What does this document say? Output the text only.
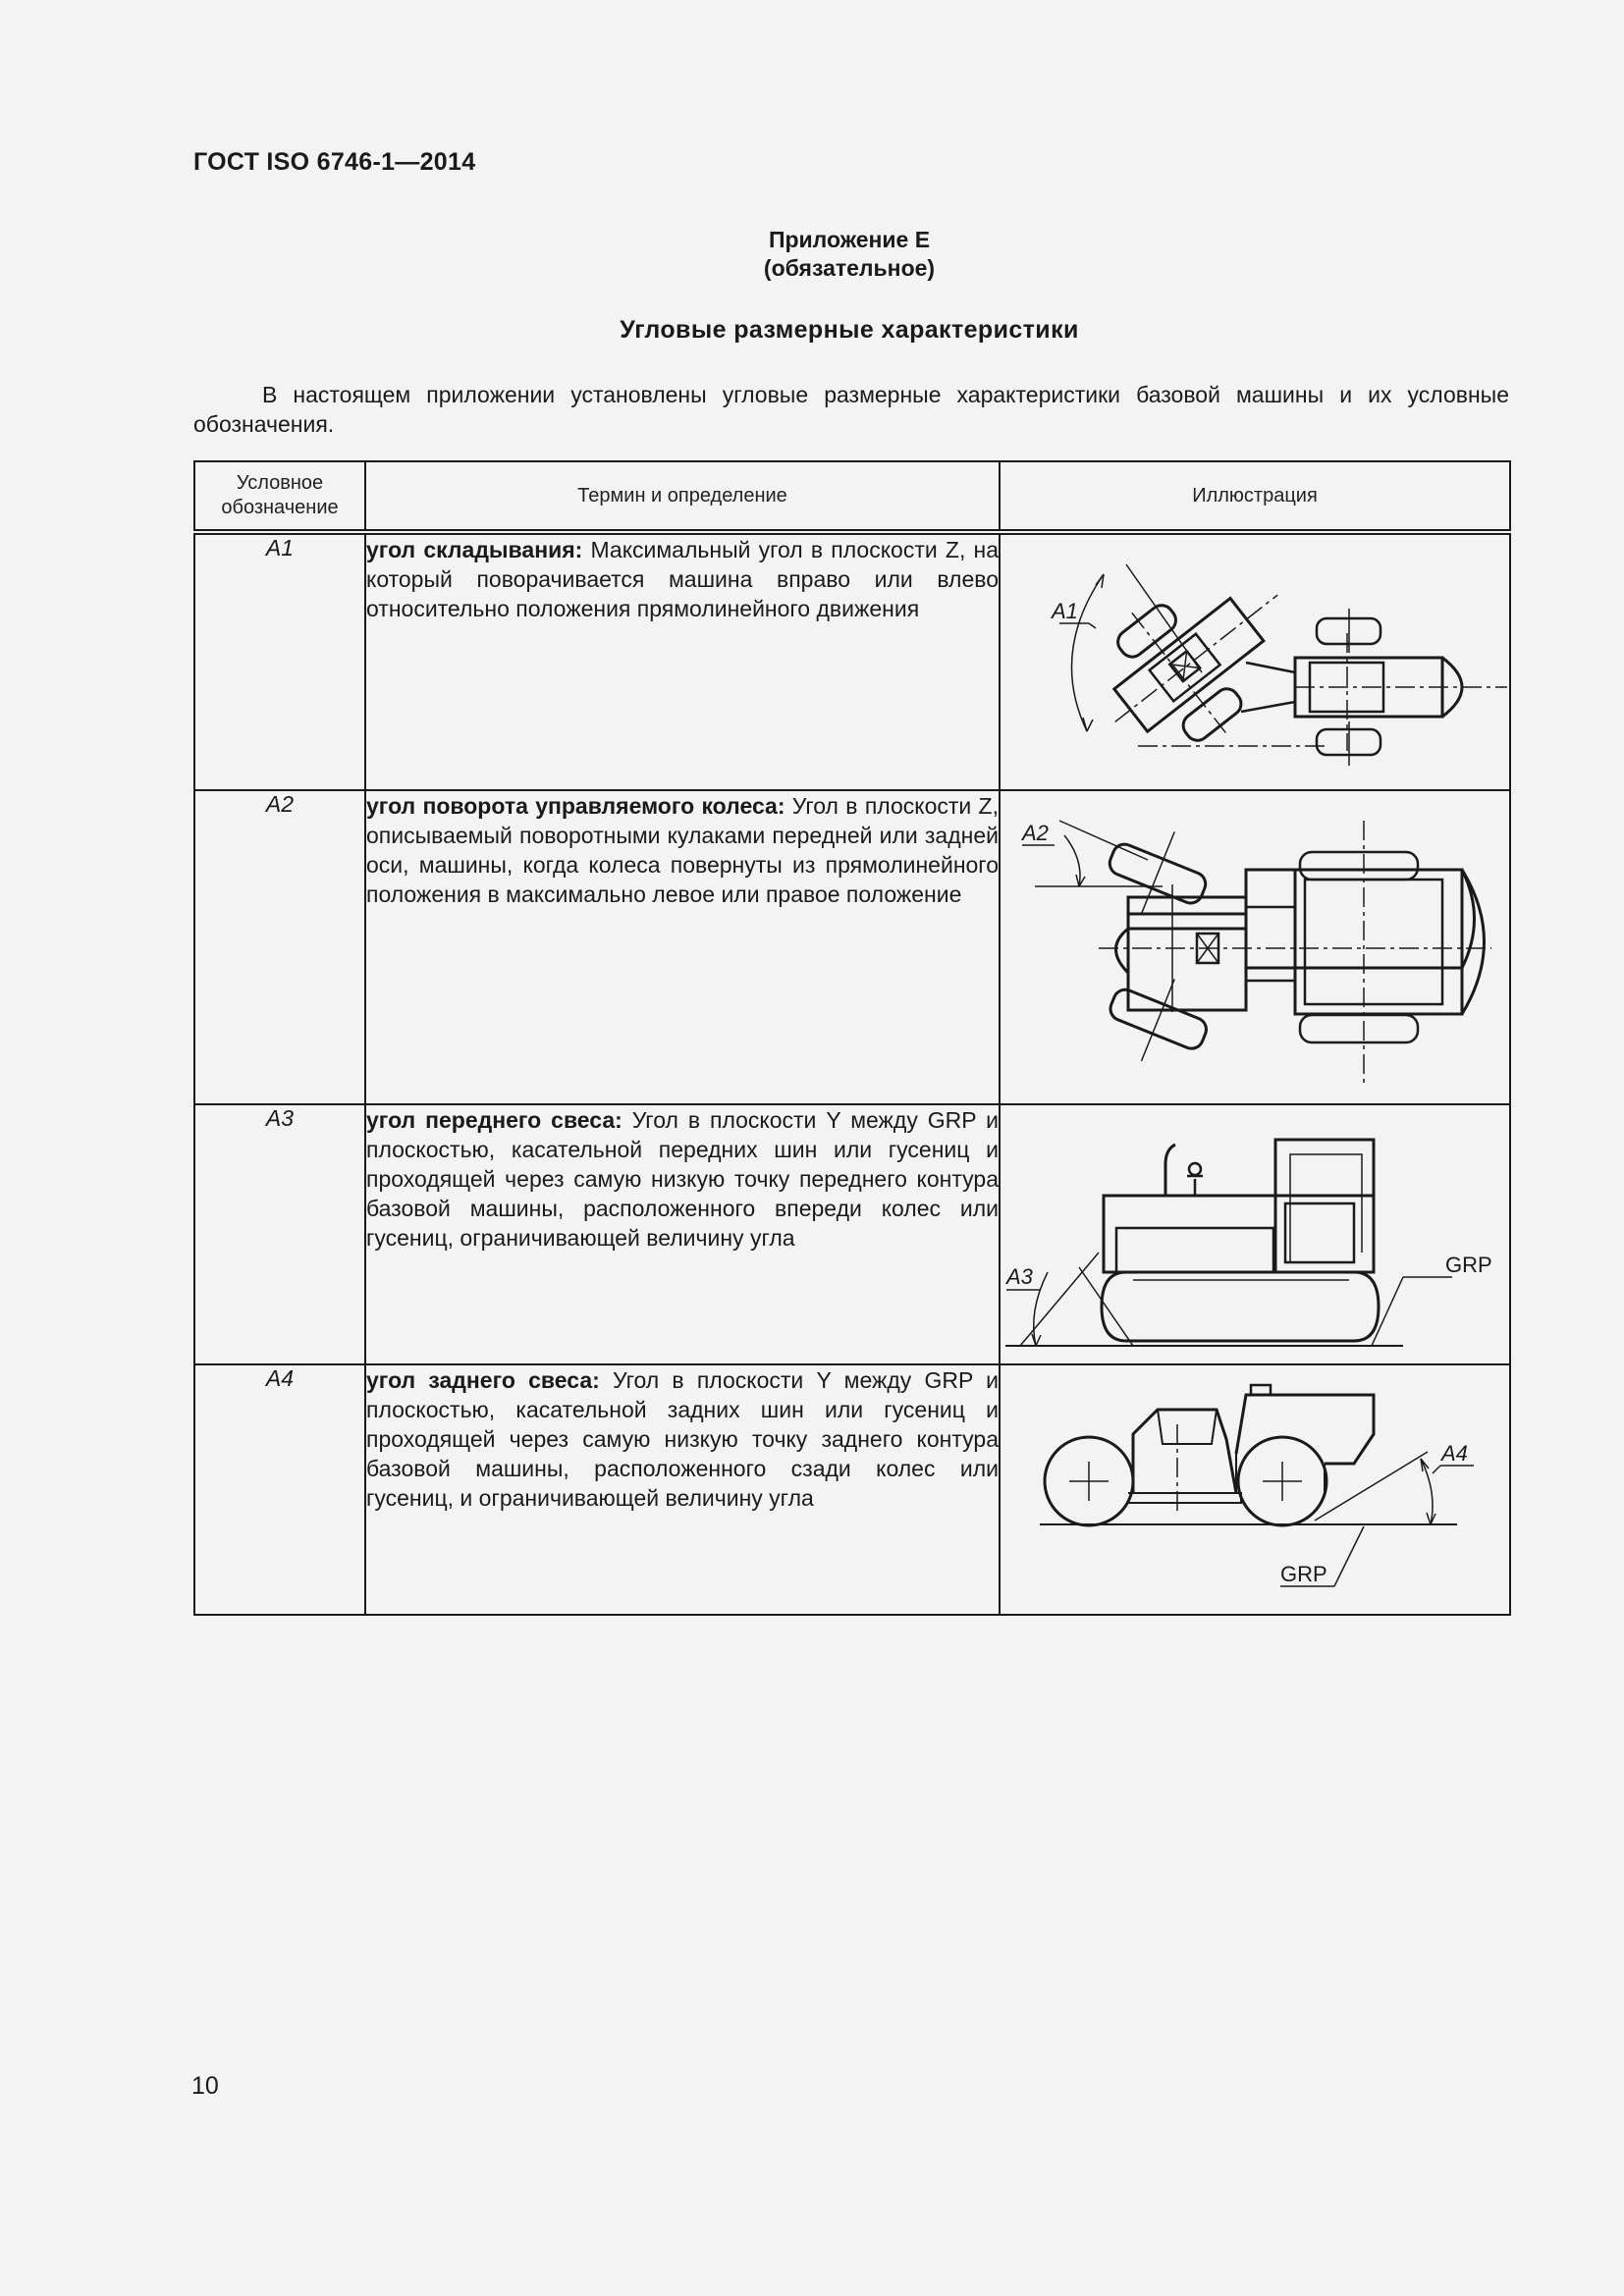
ГОСТ ISO 6746-1—2014
Приложение Е
(обязательное)
Угловые размерные характеристики
В настоящем приложении установлены угловые размерные характеристики базовой машины и их условные обозначения.
Условное обозначение	Термин и определение	Иллюстрация
A1	угол складывания: Максимальный угол в плоскости Z, на который поворачивается машина вправо или влево относительно положения прямолинейного движения	A1

A2	угол поворота управляемого колеса: Угол в плоскости Z, описываемый поворотными кулаками передней или задней оси, машины, когда колеса повернуты из прямолинейного положения в максимально левое или правое положение	A2

A3	угол переднего свеса: Угол в плоскости Y между GRP и плоскостью, касательной передних шин или гусениц и проходящей через самую низкую точку переднего контура базовой машины, расположенного впереди колес или гусениц, ограничивающей величину угла	A3 GRP

A4	угол заднего свеса: Угол в плоскости Y между GRP и плоскостью, касательной задних шин или гусениц и проходящей через самую низкую точку заднего контура базовой машины, расположенного сзади колес или гусениц, и ограничивающей величину угла	A4
GRP
10
